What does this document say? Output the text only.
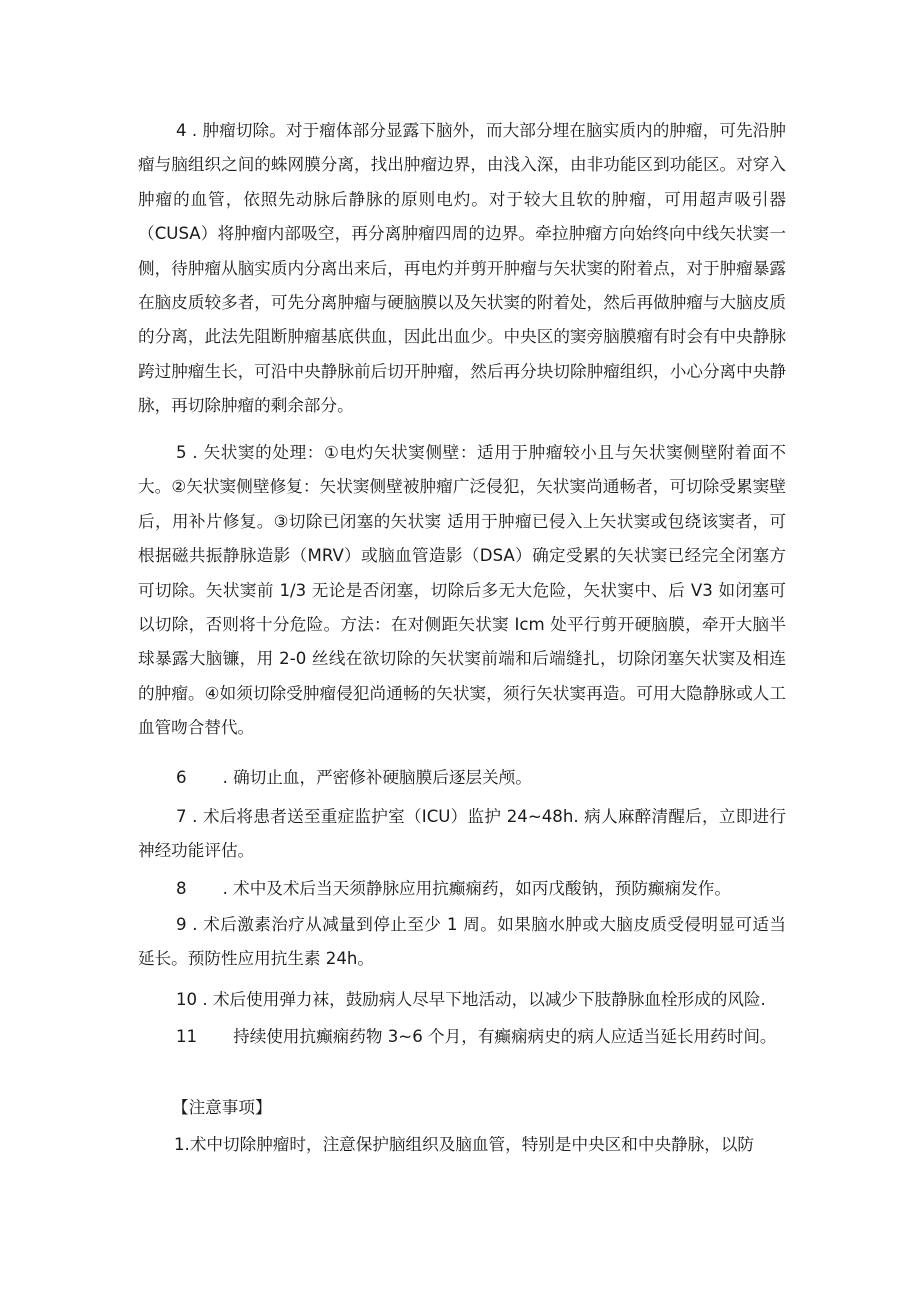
4 . 肿瘤切除。对于瘤体部分显露下脑外，而大部分埋在脑实质内的肿瘤，可先沿肿瘤与脑组织之间的蛛网膜分离，找出肿瘤边界，由浅入深，由非功能区到功能区。对穿入肿瘤的血管，依照先动脉后静脉的原则电灼。对于较大且软的肿瘤，可用超声吸引器（CUSA）将肿瘤内部吸空，再分离肿瘤四周的边界。牵拉肿瘤方向始终向中线矢状窦一侧，待肿瘤从脑实质内分离出来后，再电灼并剪开肿瘤与矢状窦的附着点，对于肿瘤暴露在脑皮质较多者，可先分离肿瘤与硬脑膜以及矢状窦的附着处，然后再做肿瘤与大脑皮质的分离，此法先阻断肿瘤基底供血，因此出血少。中央区的窦旁脑膜瘤有时会有中央静脉跨过肿瘤生长，可沿中央静脉前后切开肿瘤，然后再分块切除肿瘤组织，小心分离中央静脉，再切除肿瘤的剩余部分。

5 . 矢状窦的处理：①电灼矢状窦侧壁：适用于肿瘤较小且与矢状窦侧壁附着面不大。②矢状窦侧壁修复：矢状窦侧壁被肿瘤广泛侵犯，矢状窦尚通畅者，可切除受累窦壁后，用补片修复。③切除已闭塞的矢状窦 适用于肿瘤已侵入上矢状窦或包绕该窦者，可根据磁共振静脉造影（MRV）或脑血管造影（DSA）确定受累的矢状窦已经完全闭塞方可切除。矢状窦前 1/3 无论是否闭塞，切除后多无大危险，矢状窦中、后 V3 如闭塞可以切除，否则将十分危险。方法：在对侧距矢状窦 Icm 处平行剪开硬脑膜，牵开大脑半球暴露大脑镰，用 2-0 丝线在欲切除的矢状窦前端和后端缝扎，切除闭塞矢状窦及相连的肿瘤。④如须切除受肿瘤侵犯尚通畅的矢状窦，须行矢状窦再造。可用大隐静脉或人工血管吻合替代。

6 . 确切止血，严密修补硬脑膜后逐层关颅。

7 . 术后将患者送至重症监护室（ICU）监护 24~48h. 病人麻醉清醒后，立即进行神经功能评估。

8 . 术中及术后当天须静脉应用抗癫痫药，如丙戊酸钠，预防癫痫发作。

9 . 术后激素治疗从减量到停止至少 1 周。如果脑水肿或大脑皮质受侵明显可适当延长。预防性应用抗生素 24h。

10 . 术后使用弹力袜，鼓励病人尽早下地活动，以减少下肢静脉血栓形成的风险.

11 持续使用抗癫痫药物 3~6 个月，有癫痫病史的病人应适当延长用药时间。

【注意事项】

1.术中切除肿瘤时，注意保护脑组织及脑血管，特别是中央区和中央静脉，以防
